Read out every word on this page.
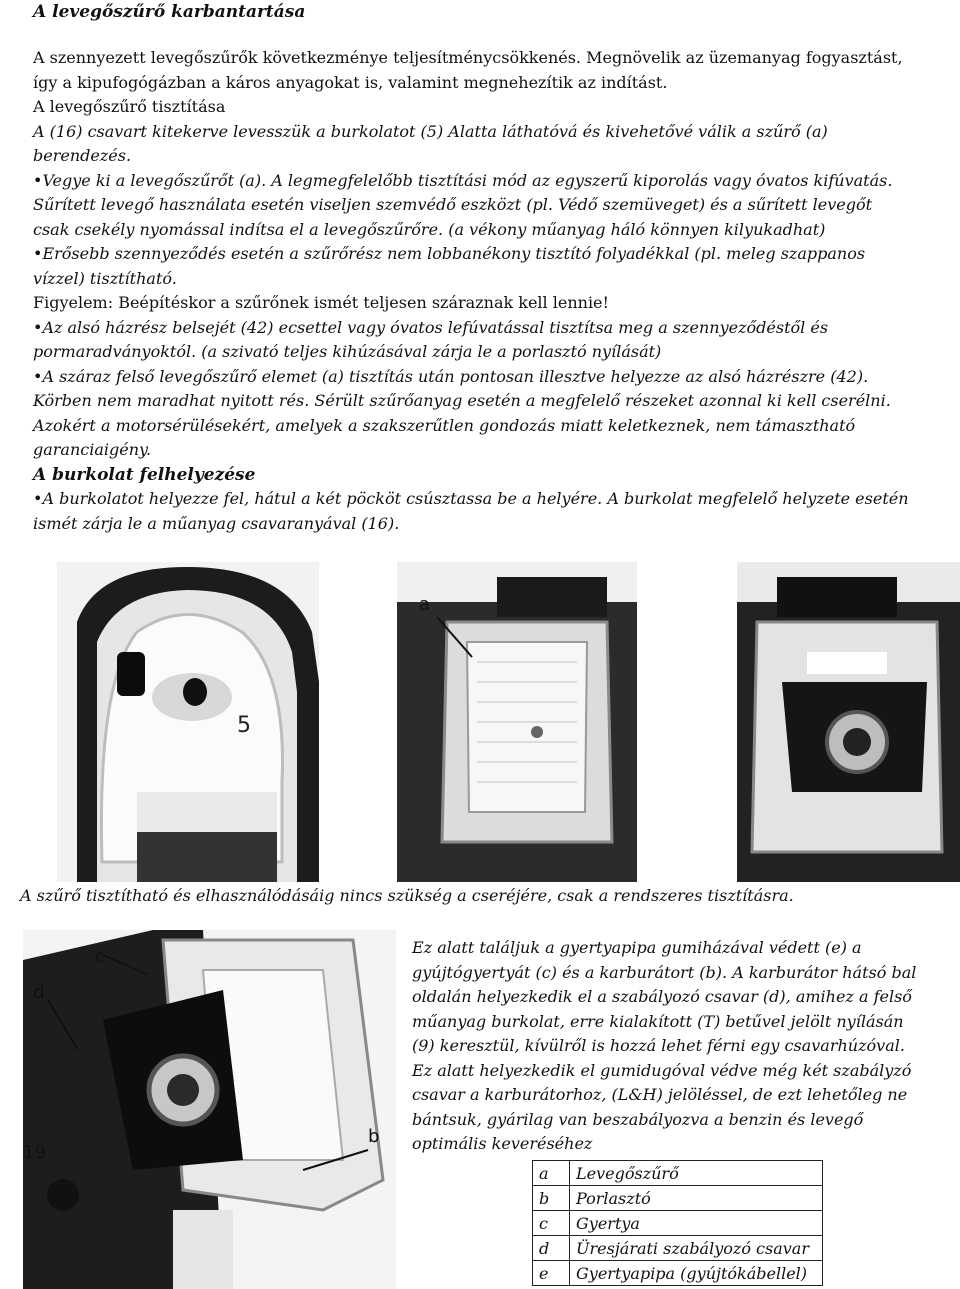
A levegőszűrő karbantartása
A szennyezett levegőszűrők következménye teljesítménycsökkenés. Megnövelik az üzemanyag fogyasztást,
így a kipufogógázban a káros anyagokat is, valamint megnehezítik az indítást.
A levegőszűrő tisztítása
A (16) csavart kitekerve levesszük a burkolatot (5) Alatta láthatóvá és kivehetővé válik a szűrő (a)
berendezés.
• Vegye ki a levegőszűrőt (a). A legmegfelelőbb tisztítási mód az egyszerű kiporolás vagy óvatos kifúvatás.
Sűrített levegő használata esetén viseljen szemvédő eszközt (pl. Védő szemüveget) és a sűrített levegőt
csak csekély nyomással indítsa el a levegőszűrőre. (a vékony műanyag háló könnyen kilyukadhat)
• Erősebb szennyeződés esetén a szűrőrész nem lobbanékony tisztító folyadékkal (pl. meleg szappanos
vízzel) tisztítható.
Figyelem: Beépítéskor a szűrőnek ismét teljesen száraznak kell lennie!
• Az alsó házrész belsejét (42) ecsettel vagy óvatos lefúvatással tisztítsa meg a szennyeződéstől és
pormaradványoktól. (a szivató teljes kihúzásával zárja le a porlasztó nyílását)
• A száraz felső levegőszűrő elemet (a) tisztítás után pontosan illesztve helyezze az alsó házrészre (42).
Körben nem maradhat nyitott rés. Sérült szűrőanyag esetén a megfelelő részeket azonnal ki kell cserélni.
Azokért a motorsérülésekért, amelyek a szakszerűtlen gondozás miatt keletkeznek, nem támasztható
garanciaigény.
A burkolat felhelyezése
• A burkolatot helyezze fel, hátul a két pöcköt csúsztassa be a helyére. A burkolat megfelelő helyzete esetén
ismét zárja le a műanyag csavaranyával (16).
5
a
A szűrő tisztítható és elhasználódásáig nincs szükség a cseréjére, csak a rendszeres tisztításra.
c
d
19
b
Ez alatt találjuk a gyertyapipa gumiházával védett (e) a
gyújtógyertyát (c) és a karburátort (b). A karburátor hátsó bal
oldalán helyezkedik el a szabályozó csavar (d), amihez a felső
műanyag burkolat, erre kialakított (T) betűvel jelölt nyílásán
(9) keresztül, kívülről is hozzá lehet férni egy csavarhúzóval.
Ez alatt helyezkedik el gumidugóval védve még két szabályzó
csavar a karburátorhoz, (L&H) jelöléssel, de ezt lehetőleg ne
bántsuk, gyárilag van beszabályozva a benzin és levegő
optimális keveréséhez
a	Levegőszűrő
b	Porlasztó
c	Gyertya
d	Üresjárati szabályozó csavar
e	Gyertyapipa (gyújtókábellel)
